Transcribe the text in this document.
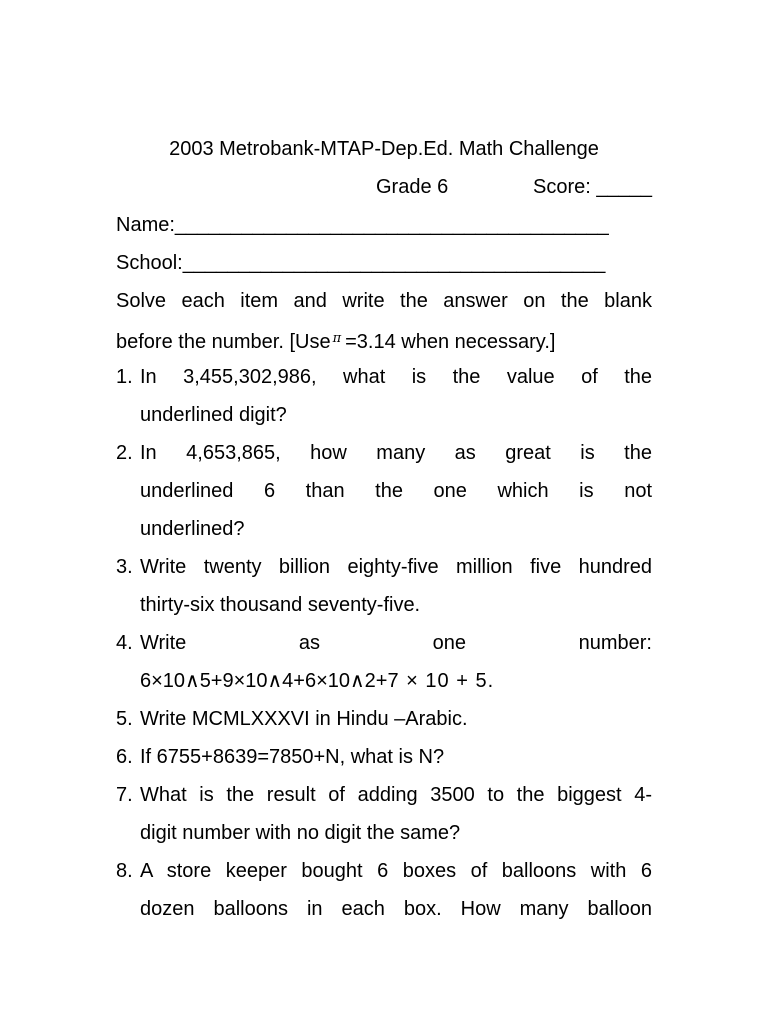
2003 Metrobank-MTAP-Dep.Ed. Math Challenge
Grade 6	Score: _____
Name:_______________________________________
School:______________________________________
Solve each item and write the answer on the blank
before the number. [Use $^\pi$ =3.14 when necessary.]
1. In 3,455,302,986, what is the value of the
underlined digit?
2. In 4,653,865, how many as great is the
underlined 6 than the one which is not
underlined?
3. Write twenty billion eighty-five million five hundred
thirty-six thousand seventy-five.
4. Write as one number:
6×10∧5+9×10∧4+6×10∧2+7 × 10 + 5.
5. Write MCMLXXXVI in Hindu –Arabic.
6. If 6755+8639=7850+N, what is N?
7. What is the result of adding 3500 to the biggest 4-
digit number with no digit the same?
8. A store keeper bought 6 boxes of balloons with 6
dozen balloons in each box. How many balloon
